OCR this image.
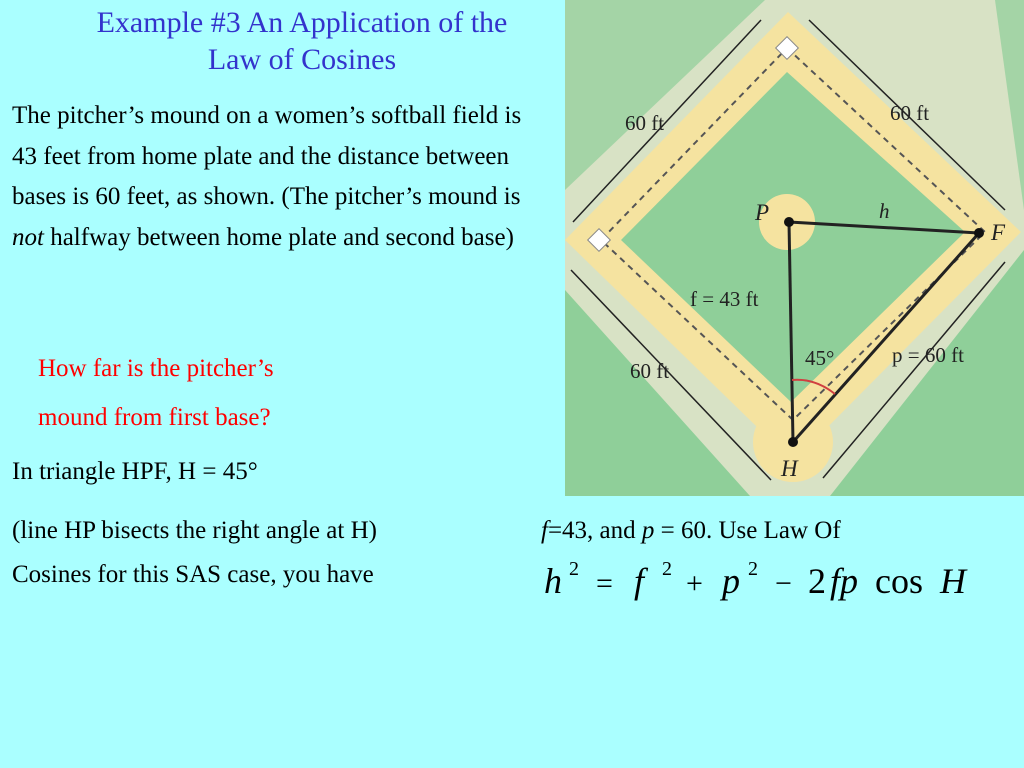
Example #3 An Application of the
Law of Cosines
The pitcher’s mound on a women’s softball field is 43 feet from home plate and the distance between bases is 60 feet, as shown. (The pitcher’s mound is not halfway between home plate and second base)
How far is the pitcher’s
mound from first base?
In triangle HPF, H = 45°
(line HP bisects the right angle at H)
Cosines for this SAS case, you have
f=43, and p = 60. Use Law Of
h 2 = f 2 + p 2 − 2 fp cos H
60 ft	60 ft
60 ft
P
F
H
h
f = 43 ft
p = 60 ft
45°
